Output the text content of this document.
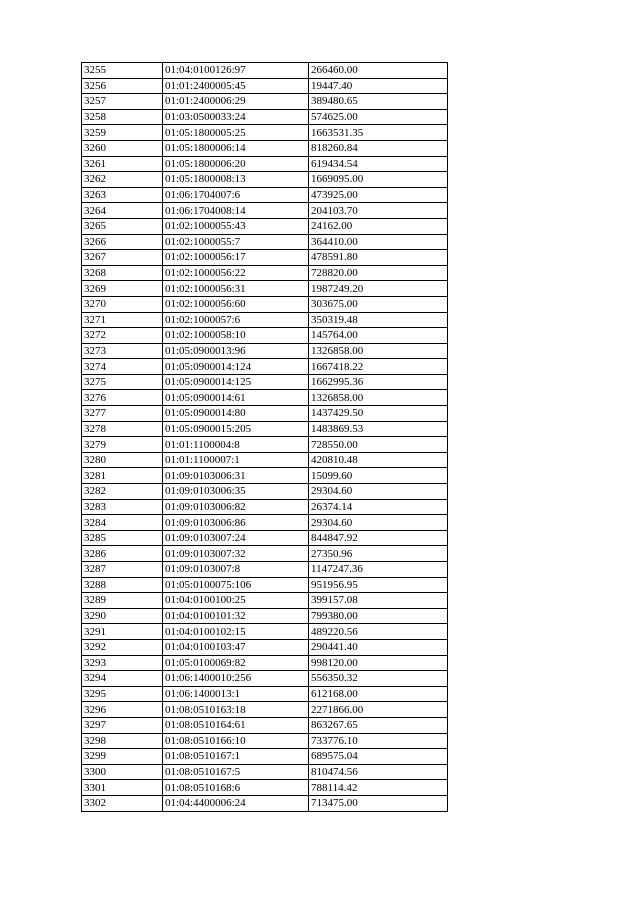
3255	01:04:0100126:97	266460.00
3256	01:01:2400005:45	19447.40
3257	01:01:2400006:29	389480.65
3258	01:03:0500033:24	574625.00
3259	01:05:1800005:25	1663531.35
3260	01:05:1800006:14	818260.84
3261	01:05:1800006:20	619434.54
3262	01:05:1800008:13	1669095.00
3263	01:06:1704007:6	473925.00
3264	01:06:1704008:14	204103.70
3265	01:02:1000055:43	24162.00
3266	01:02:1000055:7	364410.00
3267	01:02:1000056:17	478591.80
3268	01:02:1000056:22	728820.00
3269	01:02:1000056:31	1987249.20
3270	01:02:1000056:60	303675.00
3271	01:02:1000057:6	350319.48
3272	01:02:1000058:10	145764.00
3273	01:05:0900013:96	1326858.00
3274	01:05:0900014:124	1667418.22
3275	01:05:0900014:125	1662995.36
3276	01:05:0900014:61	1326858.00
3277	01:05:0900014:80	1437429.50
3278	01:05:0900015:205	1483869.53
3279	01:01:1100004:8	728550.00
3280	01:01:1100007:1	420810.48
3281	01:09:0103006:31	15099.60
3282	01:09:0103006:35	29304.60
3283	01:09:0103006:82	26374.14
3284	01:09:0103006:86	29304.60
3285	01:09:0103007:24	844847.92
3286	01:09:0103007:32	27350.96
3287	01:09:0103007:8	1147247.36
3288	01:05:0100075:106	951956.95
3289	01:04:0100100:25	399157.08
3290	01:04:0100101:32	799380.00
3291	01:04:0100102:15	489220.56
3292	01:04:0100103:47	290441.40
3293	01:05:0100069:82	998120.00
3294	01:06:1400010:256	556350.32
3295	01:06:1400013:1	612168.00
3296	01:08:0510163:18	2271866.00
3297	01:08:0510164:61	863267.65
3298	01:08:0510166:10	733776.10
3299	01:08:0510167:1	689575.04
3300	01:08:0510167:5	810474.56
3301	01:08:0510168:6	788114.42
3302	01:04:4400006:24	713475.00
